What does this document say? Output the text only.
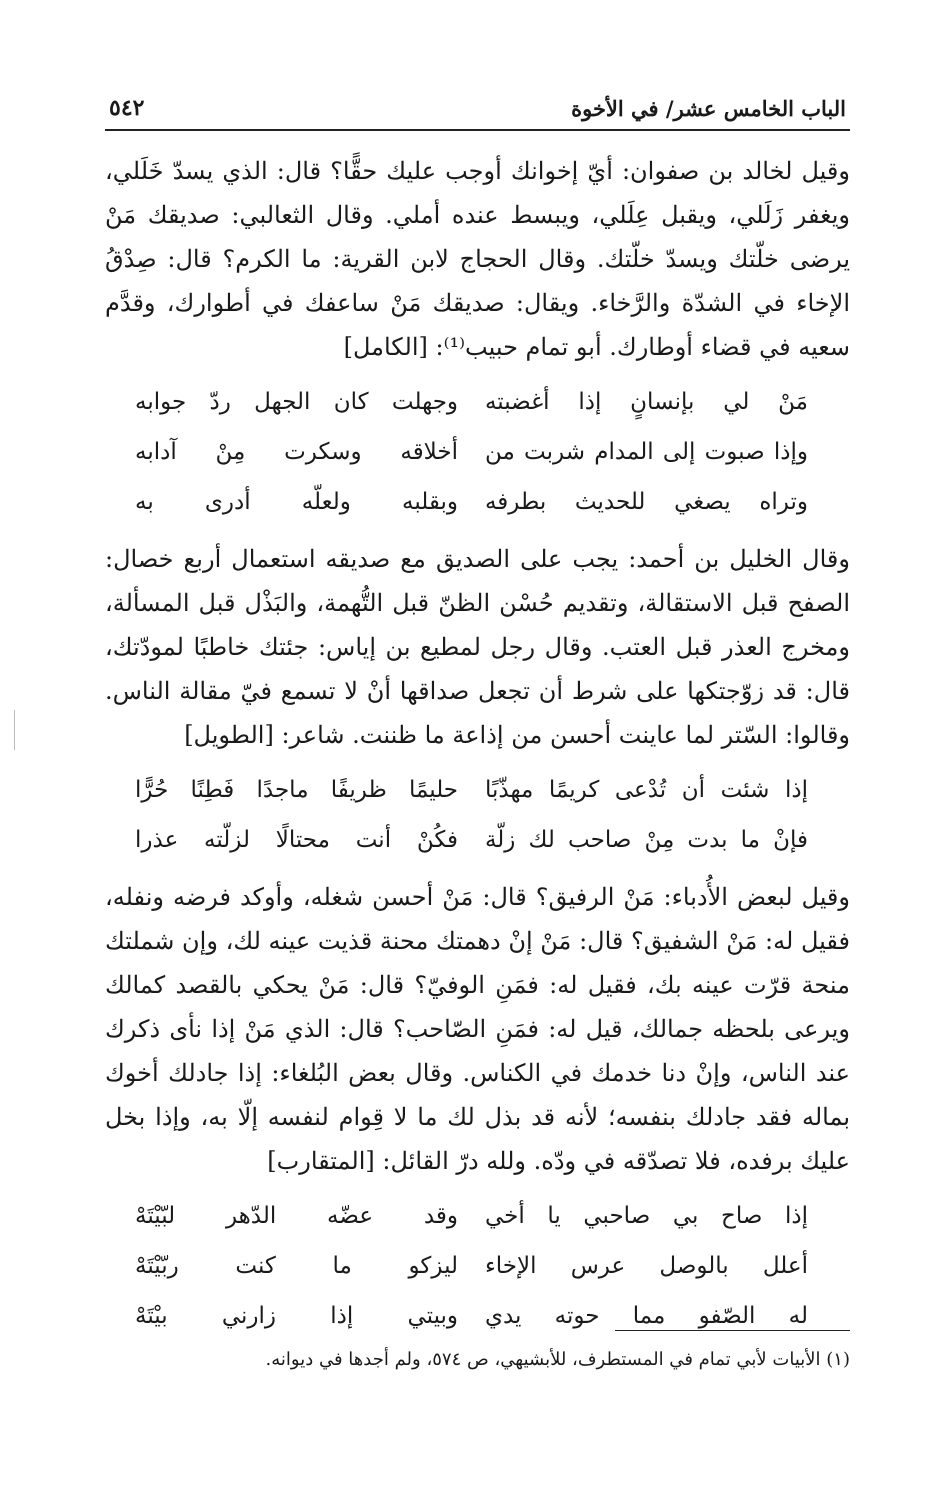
الباب الخامس عشر/ في الأخوة
٥٤٢

وقيل لخالد بن صفوان: أيّ إخوانك أوجب عليك حقًّا؟ قال: الذي يسدّ خَلَلي، ويغفر زَلَلي، ويقبل عِلَلي، ويبسط عنده أملي. وقال الثعالبي: صديقك مَنْ يرضى خلّتك ويسدّ خلّتك. وقال الحجاج لابن القرية: ما الكرم؟ قال: صِدْقُ الإخاء في الشدّة والرَّخاء. ويقال: صديقك مَنْ ساعفك في أطوارك، وقدَّم سعيه في قضاء أوطارك. أبو تمام حبيب⁽¹⁾: [الكامل]

مَنْ لي بإنسانٍ إذا أغضبته
وجهلت كان الجهل ردّ جوابه
وإذا صبوت إلى المدام شربت من
أخلاقه وسكرت مِنْ آدابه
وتراه يصغي للحديث بطرفه
وبقلبه ولعلّه أدرى به

وقال الخليل بن أحمد: يجب على الصديق مع صديقه استعمال أربع خصال: الصفح قبل الاستقالة، وتقديم حُسْن الظنّ قبل التُّهمة، والبَذْل قبل المسألة، ومخرج العذر قبل العتب. وقال رجل لمطيع بن إياس: جئتك خاطبًا لمودّتك، قال: قد زوّجتكها على شرط أن تجعل صداقها أنْ لا تسمع فيّ مقالة الناس. وقالوا: السّتر لما عاينت أحسن من إذاعة ما ظننت. شاعر: [الطويل]

إذا شئت أن تُدْعى كريمًا مهذّبًا
حليمًا ظريفًا ماجدًا فَطِنًا حُرًّا
فإنْ ما بدت مِنْ صاحب لك زلّة
فكُنْ أنت محتالًا لزلّته عذرا

وقيل لبعض الأُدباء: مَنْ الرفيق؟ قال: مَنْ أحسن شغله، وأوكد فرضه ونفله، فقيل له: مَنْ الشفيق؟ قال: مَنْ إنْ دهمتك محنة قذيت عينه لك، وإن شملتك منحة قرّت عينه بك، فقيل له: فمَنِ الوفيّ؟ قال: مَنْ يحكي بالقصد كمالك ويرعى بلحظه جمالك، قيل له: فمَنِ الصّاحب؟ قال: الذي مَنْ إذا نأى ذكرك عند الناس، وإنْ دنا خدمك في الكناس. وقال بعض البُلغاء: إذا جادلك أخوك بماله فقد جادلك بنفسه؛ لأنه قد بذل لك ما لا قِوام لنفسه إلّا به، وإذا بخل عليك برفده، فلا تصدّقه في ودّه. ولله درّ القائل: [المتقارب]

إذا صاح بي صاحبي يا أخي
وقد عضّه الدّهر لبّيْتَهْ
أعلل بالوصل عرس الإخاء
ليزكو ما كنت ربّيْتَهْ
له الصّفو مما حوته يدي
وبيتي إذا زارني بيْتَهْ
(١) الأبيات لأبي تمام في المستطرف، للأبشيهي، ص ٥٧٤، ولم أجدها في ديوانه.
